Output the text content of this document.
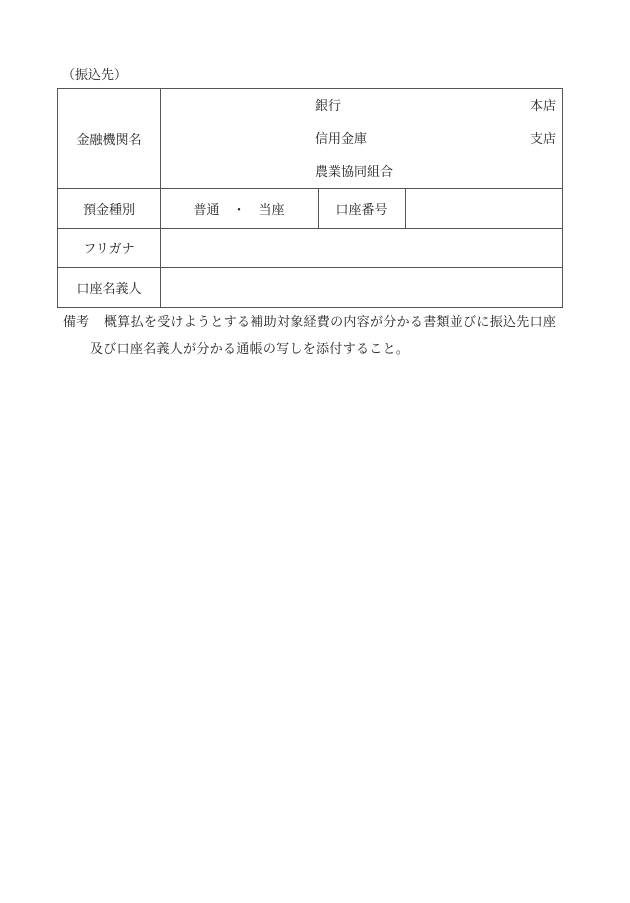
（振込先）
金融機関名
銀行
信用金庫
農業協同組合
本店
支店
預金種別	普通　・　当座	口座番号
フリガナ
口座名義人
備考 概算払を受けようとする補助対象経費の内容が分かる書類並びに振込先口座
及び口座名義人が分かる通帳の写しを添付すること。
